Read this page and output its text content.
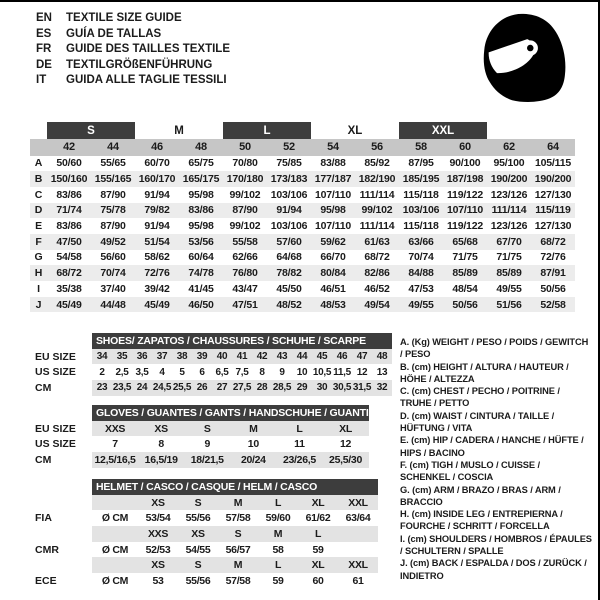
EN	TEXTILE SIZE GUIDE
ES	GUÍA DE TALLAS
FR	GUIDE DES TAILLES TEXTILE
DE	TEXTILGRÖßENFÜHRUNG
IT	GUIDA ALLE TAGLIE TESSILI
	S		M		L		XL		XXL			
	42	44	46	48	50	52	54	56	58	60	62	64
A	50/60	55/65	60/70	65/75	70/80	75/85	83/88	85/92	87/95	90/100	95/100	105/115
B	150/160	155/165	160/170	165/175	170/180	173/183	177/187	182/190	185/195	187/198	190/200	190/200
C	83/86	87/90	91/94	95/98	99/102	103/106	107/110	111/114	115/118	119/122	123/126	127/130
D	71/74	75/78	79/82	83/86	87/90	91/94	95/98	99/102	103/106	107/110	111/114	115/119
E	83/86	87/90	91/94	95/98	99/102	103/106	107/110	111/114	115/118	119/122	123/126	127/130
F	47/50	49/52	51/54	53/56	55/58	57/60	59/62	61/63	63/66	65/68	67/70	68/72
G	54/58	56/60	58/62	60/64	62/66	64/68	66/70	68/72	70/74	71/75	71/75	72/76
H	68/72	70/74	72/76	74/78	76/80	78/82	80/84	82/86	84/88	85/89	85/89	87/91
I	35/38	37/40	39/42	41/45	43/47	45/50	46/51	46/52	47/53	48/54	49/55	50/56
J	45/49	44/48	45/49	46/50	47/51	48/52	48/53	49/54	49/55	50/56	51/56	52/58
	SHOES/ ZAPATOS / CHAUSSURES / SCHUHE / SCARPE														
EU SIZE	34	35	36	37	38	39	40	41	42	43	44	45	46	47	48
US SIZE	2	2,5	3,5	4	5	6	6,5	7,5	8	9	10	10,5	11,5	12	13
CM	23	23,5	24	24,5	25,5	26	27	27,5	28	28,5	29	30	30,5	31,5	32
	GLOVES / GUANTES / GANTS / HANDSCHUHE / GUANTI					
EU SIZE	XXS	XS	S	M	L	XL
US SIZE	7	8	9	10	11	12
CM	12,5/16,5	16,5/19	18/21,5	20/24	23/26,5	25,5/30
	HELMET / CASCO / CASQUE / HELM / CASCO						
		XS	S	M	L	XL	XXL
FIA	Ø CM	53/54	55/56	57/58	59/60	61/62	63/64
		XXS	XS	S	M	L	
CMR	Ø CM	52/53	54/55	56/57	58	59	
		XS	S	M	L	XL	XXL
ECE	Ø CM	53	55/56	57/58	59	60	61
A. (Kg) WEIGHT / PESO / POIDS / GEWITCH / PESO
B. (cm) HEIGHT / ALTURA / HAUTEUR / HÖHE / ALTEZZA
C. (cm) CHEST / PECHO / POITRINE / TRUHE / PETTO
D. (cm) WAIST / CINTURA / TAILLE / HÜFTUNG / VITA
E. (cm) HIP / CADERA / HANCHE / HÜFTE / HIPS / BACINO
F. (cm) TIGH / MUSLO / CUISSE / SCHENKEL / COSCIA
G. (cm) ARM / BRAZO / BRAS / ARM / BRACCIO
H. (cm) INSIDE LEG / ENTREPIERNA / FOURCHE / SCHRITT / FORCELLA
I. (cm) SHOULDERS / HOMBROS / ÉPAULES / SCHULTERN / SPALLE
J. (cm) BACK / ESPALDA / DOS / ZURÜCK / INDIETRO
